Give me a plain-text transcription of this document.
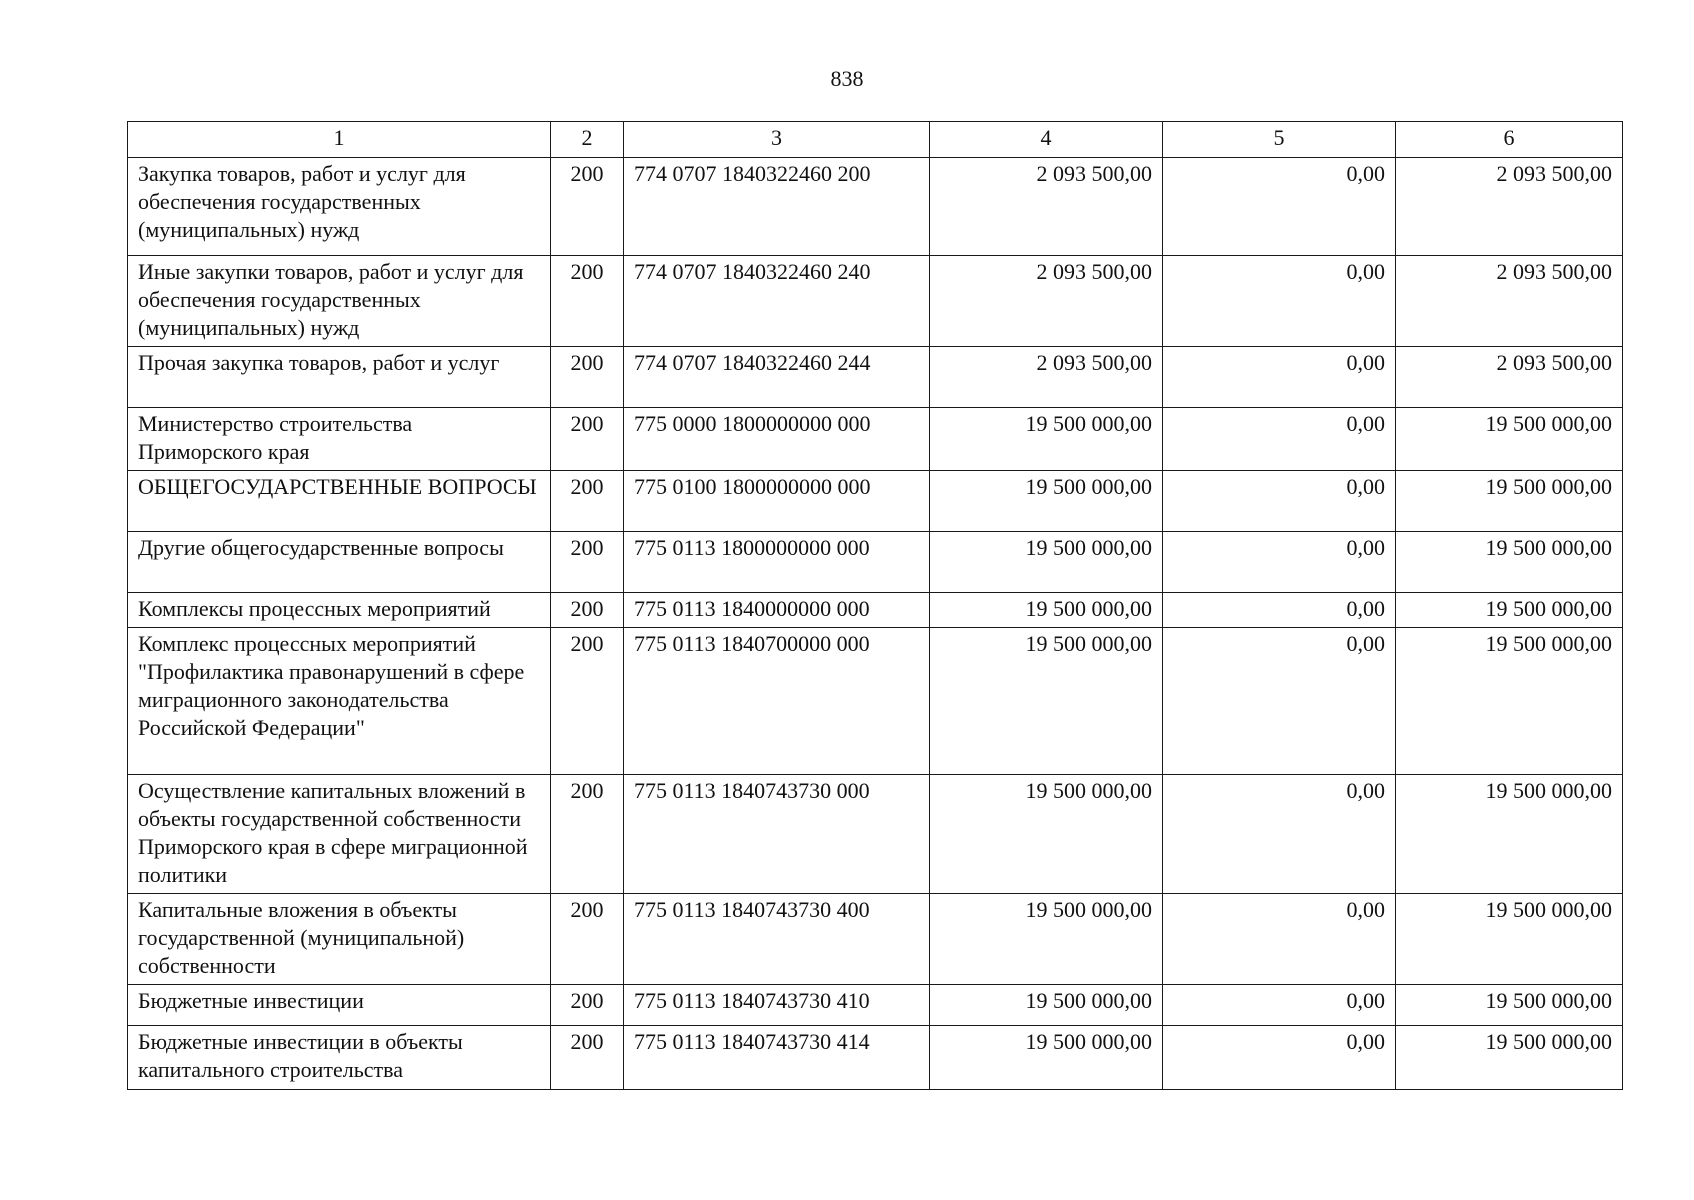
838
1	2	3	4	5	6
Закупка товаров, работ и услуг для обеспечения государственных (муниципальных) нужд	200	774 0707 1840322460 200	2 093 500,00	0,00	2 093 500,00
Иные закупки товаров, работ и услуг для обеспечения государственных (муниципальных) нужд	200	774 0707 1840322460 240	2 093 500,00	0,00	2 093 500,00
Прочая закупка товаров, работ и услуг	200	774 0707 1840322460 244	2 093 500,00	0,00	2 093 500,00
Министерство строительства Приморского края	200	775 0000 1800000000 000	19 500 000,00	0,00	19 500 000,00
ОБЩЕГОСУДАРСТВЕННЫЕ ВОПРОСЫ	200	775 0100 1800000000 000	19 500 000,00	0,00	19 500 000,00
Другие общегосударственные вопросы	200	775 0113 1800000000 000	19 500 000,00	0,00	19 500 000,00
Комплексы процессных мероприятий	200	775 0113 1840000000 000	19 500 000,00	0,00	19 500 000,00
Комплекс процессных мероприятий "Профилактика правонарушений в сфере миграционного законодательства Российской Федерации"	200	775 0113 1840700000 000	19 500 000,00	0,00	19 500 000,00
Осуществление капитальных вложений в объекты государственной собственности Приморского края в сфере миграционной политики	200	775 0113 1840743730 000	19 500 000,00	0,00	19 500 000,00
Капитальные вложения в объекты государственной (муниципальной) собственности	200	775 0113 1840743730 400	19 500 000,00	0,00	19 500 000,00
Бюджетные инвестиции	200	775 0113 1840743730 410	19 500 000,00	0,00	19 500 000,00
Бюджетные инвестиции в объекты капитального строительства	200	775 0113 1840743730 414	19 500 000,00	0,00	19 500 000,00
